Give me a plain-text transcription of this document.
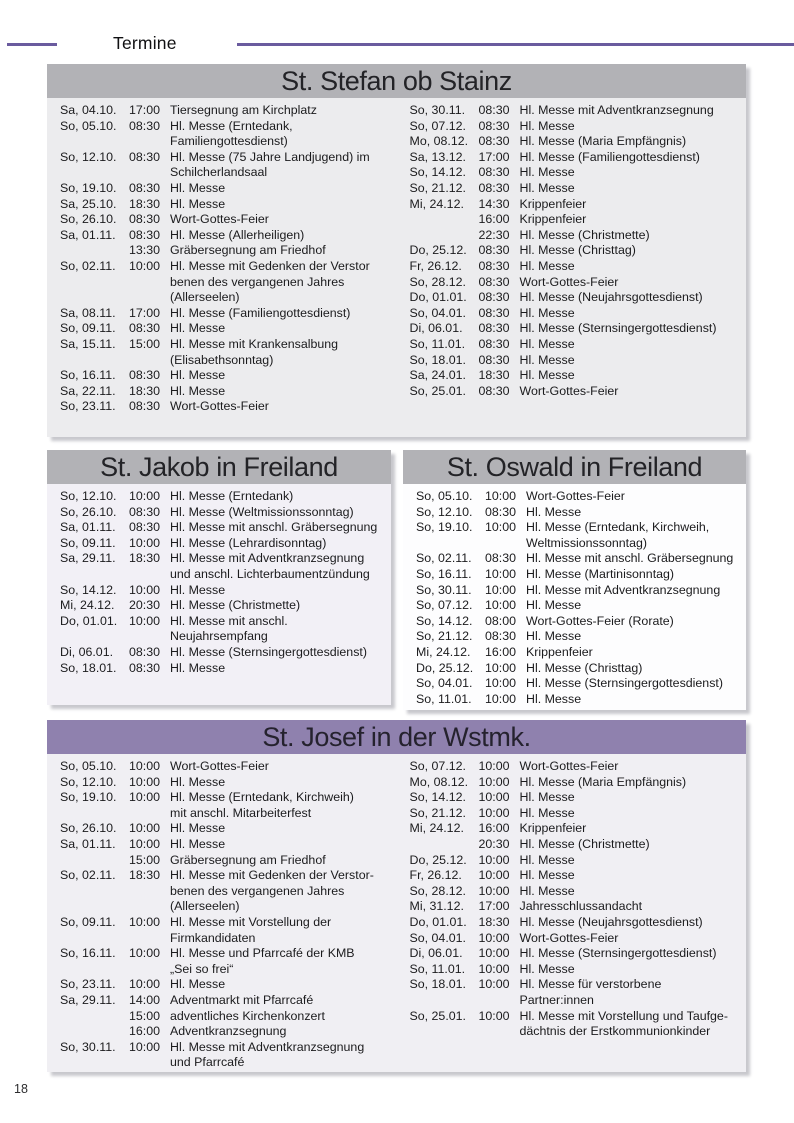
Termine
St. Stefan ob Stainz
Sa, 04.10.	17:00 Tiersegnung am Kirchplatz
So, 05.10.	08:30 Hl. Messe (Erntedank,
Familiengottesdienst)
So, 12.10.	08:30 Hl. Messe (75 Jahre Landjugend) im
Schilcherlandsaal
So, 19.10.	08:30 Hl. Messe
Sa, 25.10.	18:30 Hl. Messe
So, 26.10.	08:30 Wort-Gottes-Feier
Sa, 01.11.	08:30 Hl. Messe (Allerheiligen)
13:30 Gräbersegnung am Friedhof
So, 02.11.	10:00 Hl. Messe mit Gedenken der Verstor
benen des vergangenen Jahres
(Allerseelen)
Sa, 08.11.	17:00 Hl. Messe (Familiengottesdienst)
So, 09.11.	08:30 Hl. Messe
Sa, 15.11.	15:00 Hl. Messe mit Krankensalbung
(Elisabethsonntag)
So, 16.11.	08:30 Hl. Messe
Sa, 22.11.	18:30 Hl. Messe
So, 23.11.	08:30 Wort-Gottes-Feier
So, 30.11.	08:30 Hl. Messe mit Adventkranzsegnung
So, 07.12.	08:30 Hl. Messe
Mo, 08.12. 08:30 Hl. Messe (Maria Empfängnis)
Sa, 13.12.	17:00 Hl. Messe (Familiengottesdienst)
So, 14.12.	08:30 Hl. Messe
So, 21.12.	08:30 Hl. Messe
Mi, 24.12.	14:30 Krippenfeier
16:00 Krippenfeier
22:30 Hl. Messe (Christmette)
Do, 25.12. 08:30 Hl. Messe (Christtag)
Fr, 26.12.	08:30 Hl. Messe
So, 28.12.	08:30 Wort-Gottes-Feier
Do, 01.01. 08:30 Hl. Messe (Neujahrsgottesdienst)
So, 04.01.	08:30 Hl. Messe
Di, 06.01.	08:30 Hl. Messe (Sternsingergottesdienst)
So, 11.01.	08:30 Hl. Messe
So, 18.01.	08:30 Hl. Messe
Sa, 24.01.	18:30 Hl. Messe
So, 25.01.	08:30 Wort-Gottes-Feier
St. Jakob in Freiland
So, 12.10.	10:00 Hl. Messe (Erntedank)
So, 26.10.	08:30 Hl. Messe (Weltmissionssonntag)
Sa, 01.11.	08:30 Hl. Messe mit anschl. Gräbersegnung
So, 09.11.	10:00 Hl. Messe (Lehrardisonntag)
Sa, 29.11.	18:30 Hl. Messe mit Adventkranzsegnung
und anschl. Lichterbaumentzündung
So, 14.12.	10:00 Hl. Messe
Mi, 24.12.	20:30 Hl. Messe (Christmette)
Do, 01.01. 10:00 Hl. Messe mit anschl.
Neujahrsempfang
Di, 06.01.	08:30 Hl. Messe (Sternsingergottesdienst)
So, 18.01.	08:30 Hl. Messe
St. Oswald in Freiland
So, 05.10.	10:00 Wort-Gottes-Feier
So, 12.10.	08:30 Hl. Messe
So, 19.10.	10:00 Hl. Messe (Erntedank, Kirchweih,
Weltmissionssonntag)
So, 02.11.	08:30 Hl. Messe mit anschl. Gräbersegnung
So, 16.11.	10:00 Hl. Messe (Martinisonntag)
So, 30.11.	10:00 Hl. Messe mit Adventkranzsegnung
So, 07.12.	10:00 Hl. Messe
So, 14.12.	08:00 Wort-Gottes-Feier (Rorate)
So, 21.12.	08:30 Hl. Messe
Mi, 24.12.	16:00 Krippenfeier
Do, 25.12. 10:00 Hl. Messe (Christtag)
So, 04.01.	10:00 Hl. Messe (Sternsingergottesdienst)
So, 11.01.	10:00 Hl. Messe
St. Josef in der Wstmk.
So, 05.10.	10:00 Wort-Gottes-Feier
So, 12.10.	10:00 Hl. Messe
So, 19.10.	10:00 Hl. Messe (Erntedank, Kirchweih)
mit anschl. Mitarbeiterfest
So, 26.10.	10:00 Hl. Messe
Sa, 01.11.	10:00 Hl. Messe
15:00 Gräbersegnung am Friedhof
So, 02.11.	18:30 Hl. Messe mit Gedenken der Verstor-
benen des vergangenen Jahres
(Allerseelen)
So, 09.11.	10:00 Hl. Messe mit Vorstellung der
Firmkandidaten
So, 16.11.	10:00 Hl. Messe und Pfarrcafé der KMB
„Sei so frei“
So, 23.11.	10:00 Hl. Messe
Sa, 29.11.	14:00 Adventmarkt mit Pfarrcafé
15:00 adventliches Kirchenkonzert
16:00 Adventkranzsegnung
So, 30.11.	10:00 Hl. Messe mit Adventkranzsegnung
und Pfarrcafé
So, 07.12.	10:00 Wort-Gottes-Feier
Mo, 08.12. 10:00 Hl. Messe (Maria Empfängnis)
So, 14.12.	10:00 Hl. Messe
So, 21.12.	10:00 Hl. Messe
Mi, 24.12.	16:00 Krippenfeier
20:30 Hl. Messe (Christmette)
Do, 25.12. 10:00 Hl. Messe
Fr, 26.12.	10:00 Hl. Messe
So, 28.12.	10:00 Hl. Messe
Mi, 31.12.	17:00 Jahresschlussandacht
Do, 01.01. 18:30 Hl. Messe (Neujahrsgottesdienst)
So, 04.01.	10:00 Wort-Gottes-Feier
Di, 06.01.	10:00 Hl. Messe (Sternsingergottesdienst)
So, 11.01.	10:00 Hl. Messe
So, 18.01.	10:00 Hl. Messe für verstorbene
Partner:innen
So, 25.01.	10:00 Hl. Messe mit Vorstellung und Taufge-
dächtnis der Erstkommunionkinder
18
